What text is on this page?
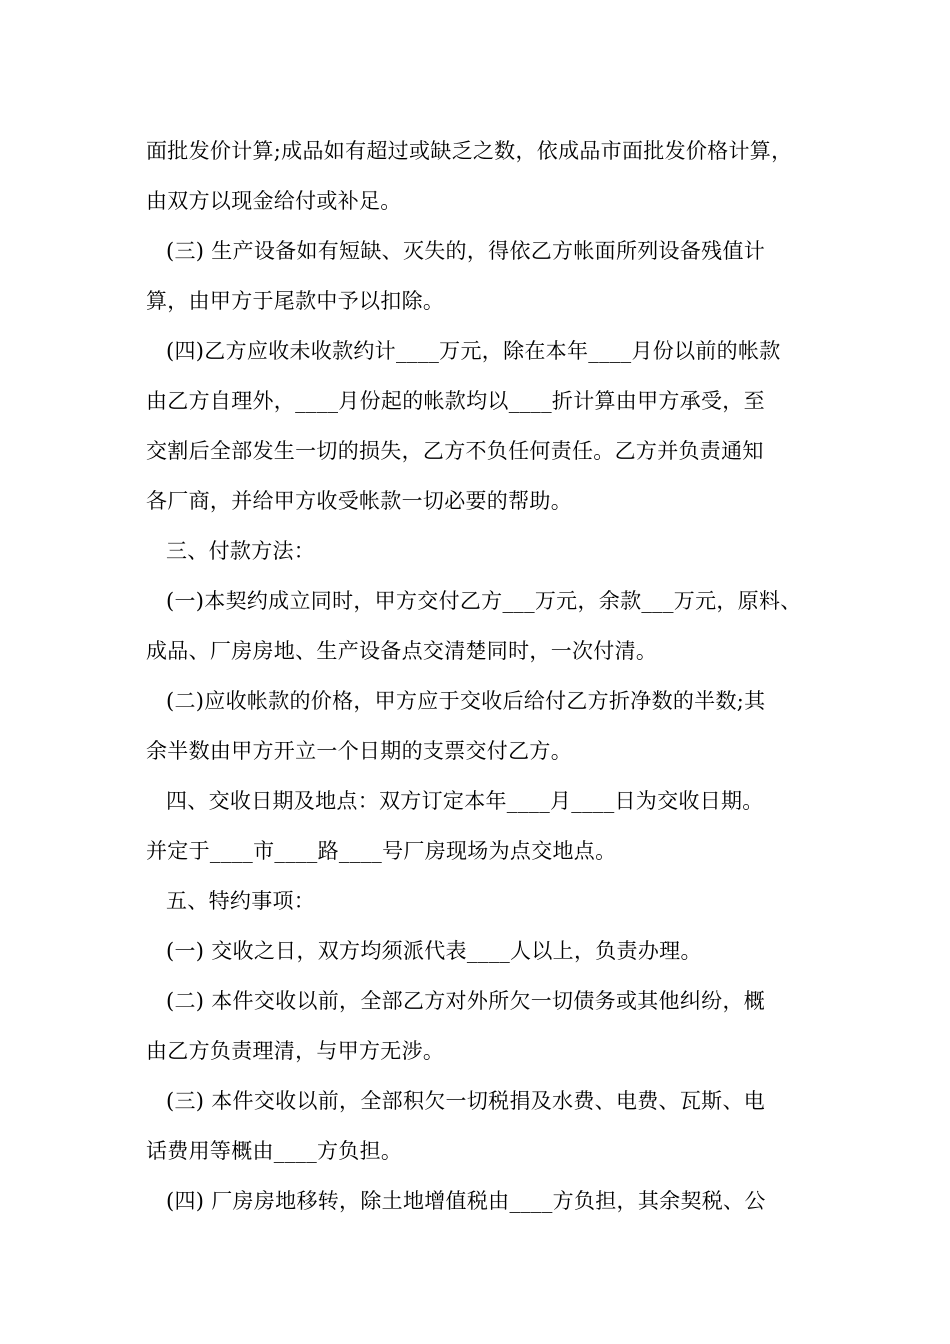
面批发价计算;成品如有超过或缺乏之数，依成品市面批发价格计算，
由双方以现金给付或补足。
(三) 生产设备如有短缺、灭失的，得依乙方帐面所列设备残值计
算，由甲方于尾款中予以扣除。
(四)乙方应收未收款约计____万元，除在本年____月份以前的帐款
由乙方自理外，____月份起的帐款均以____折计算由甲方承受，至
交割后全部发生一切的损失，乙方不负任何责任。乙方并负责通知
各厂商，并给甲方收受帐款一切必要的帮助。
三、付款方法：
(一)本契约成立同时，甲方交付乙方___万元，余款___万元，原料、
成品、厂房房地、生产设备点交清楚同时，一次付清。
(二)应收帐款的价格，甲方应于交收后给付乙方折净数的半数;其
余半数由甲方开立一个日期的支票交付乙方。
四、交收日期及地点：双方订定本年____月____日为交收日期。
并定于____市____路____号厂房现场为点交地点。
五、特约事项：
(一) 交收之日，双方均须派代表____人以上，负责办理。
(二) 本件交收以前，全部乙方对外所欠一切债务或其他纠纷，概
由乙方负责理清，与甲方无涉。
(三) 本件交收以前，全部积欠一切税捐及水费、电费、瓦斯、电
话费用等概由____方负担。
(四) 厂房房地移转，除土地增值税由____方负担，其余契税、公
